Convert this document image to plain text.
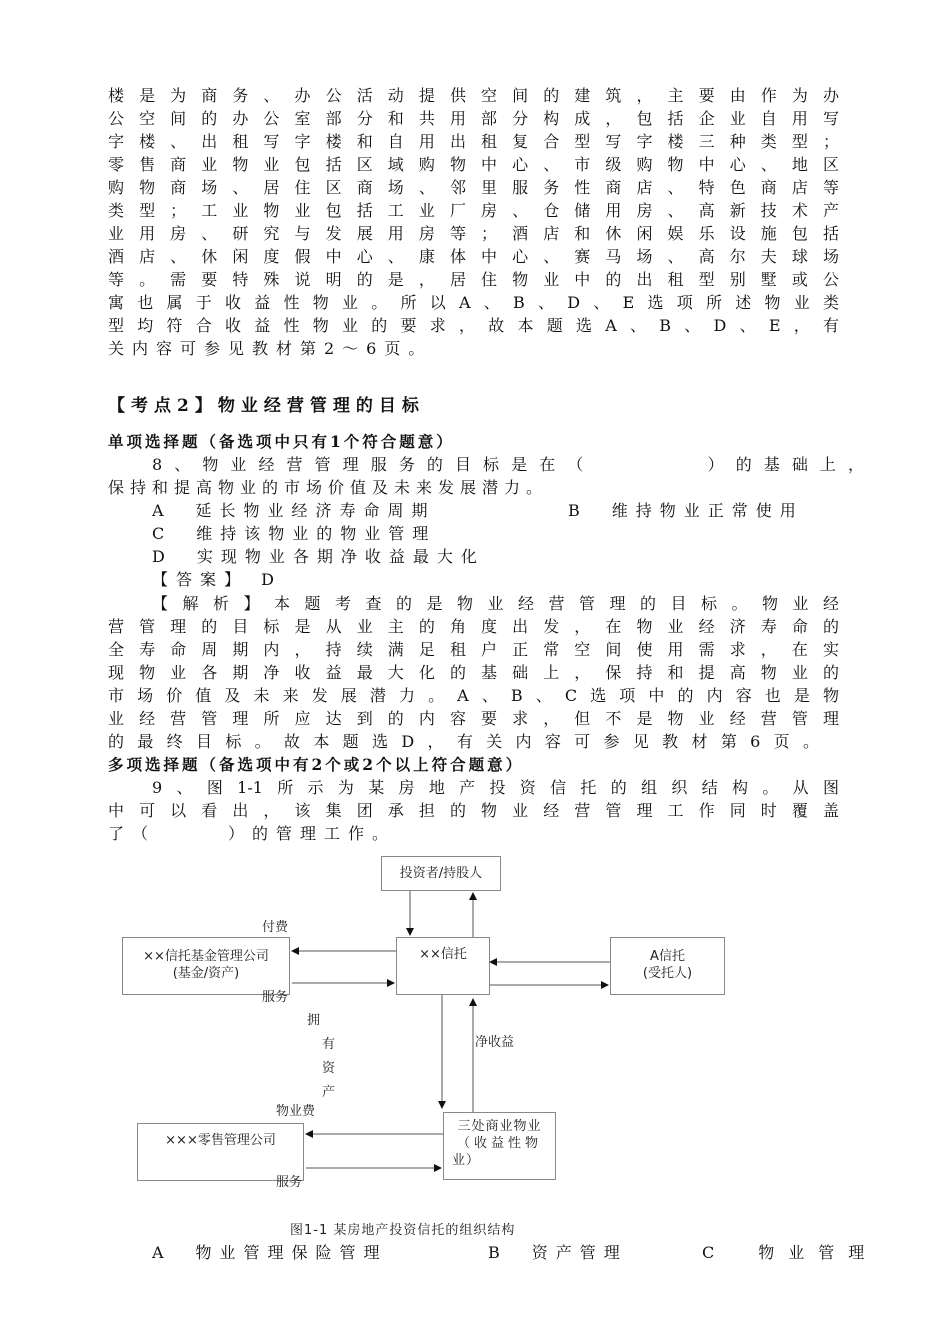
楼是为商务、办公活动提供空间的建筑，主要由作为办
公空间的办公室部分和共用部分构成，包括企业自用写
字楼、出租写字楼和自用出租复合型写字楼三种类型；
零售商业物业包括区域购物中心、市级购物中心、地区
购物商场、居住区商场、邻里服务性商店、特色商店等
类型；工业物业包括工业厂房、仓储用房、高新技术产
业用房、研究与发展用房等；酒店和休闲娱乐设施包括
酒店、休闲度假中心、康体中心、赛马场、高尔夫球场
等。需要特殊说明的是，居住物业中的出租型别墅或公
寓也属于收益性物业。所以A、B、D、E选项所述物业类
型均符合收益性物业的要求，故本题选A、B、D、E，有
关内容可参见教材第2～6页。
【考点2】物业经营管理的目标
单项选择题（备选项中只有1个符合题意）
8、物业经营管理服务的目标是在（　　　　）的基础上，
保持和提高物业的市场价值及未来发展潜力。
A　延长物业经济寿命周期	B　维持物业正常使用
C　维持该物业的物业管理
D　实现物业各期净收益最大化
【答案】 D
【解析】本题考查的是物业经营管理的目标。物业经
营管理的目标是从业主的角度出发，在物业经济寿命的
全寿命周期内，持续满足租户正常空间使用需求，在实
现物业各期净收益最大化的基础上，保持和提高物业的
市场价值及未来发展潜力。A、B、C选项中的内容也是物
业经营管理所应达到的内容要求，但不是物业经营管理
的最终目标。故本题选D，有关内容可参见教材第6页。
多项选择题（备选项中有2个或2个以上符合题意）
9、图1-1所示为某房地产投资信托的组织结构。从图
中可以看出，该集团承担的物业经营管理工作同时覆盖
了（　　　）的管理工作。
投资者/持股人
××信托基金管理公司
(基金/资产)
××信托	A信托
(受托人)
×××零售管理公司
三处商业物业
（收益性物
业）
付费
服务
拥
有资产
净收益
物业费
服务
图1-1 某房地产投资信托的组织结构
A　物业管理保险管理	B　资产管理	C　物业管理
